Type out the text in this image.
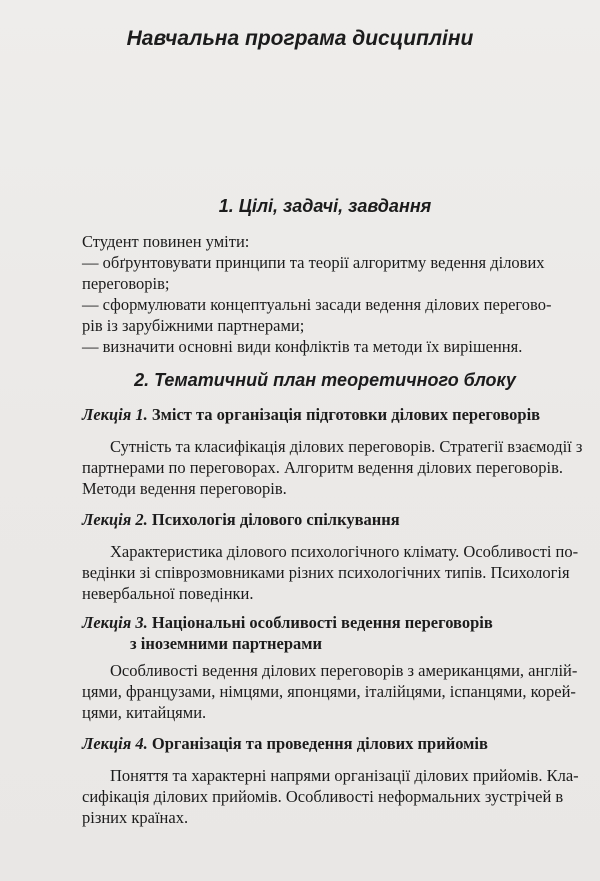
Навчальна програма дисципліни
1. Цілі, задачі, завдання
Студент повинен уміти:
— обґрунтовувати принципи та теорії алгоритму ведення ділових
переговорів;
— сформулювати концептуальні засади ведення ділових перегово-
рів із зарубіжними партнерами;
— визначити основні види конфліктів та методи їх вирішення.
2. Тематичний план теоретичного блоку
Лекція 1. Зміст та організація підготовки ділових переговорів
Сутність та класифікація ділових переговорів. Стратегії взаємодії з
партнерами по переговорах. Алгоритм ведення ділових переговорів.
Методи ведення переговорів.
Лекція 2. Психологія ділового спілкування
Характеристика ділового психологічного клімату. Особливості по-
ведінки зі співрозмовниками різних психологічних типів. Психологія
невербальної поведінки.
Лекція 3. Національні особливості ведення переговорів
з іноземними партнерами
Особливості ведення ділових переговорів з американцями, англій-
цями, французами, німцями, японцями, італійцями, іспанцями, корей-
цями, китайцями.
Лекція 4. Організація та проведення ділових прийомів
Поняття та характерні напрями організації ділових прийомів. Кла-
сифікація ділових прийомів. Особливості неформальних зустрічей в
різних країнах.
